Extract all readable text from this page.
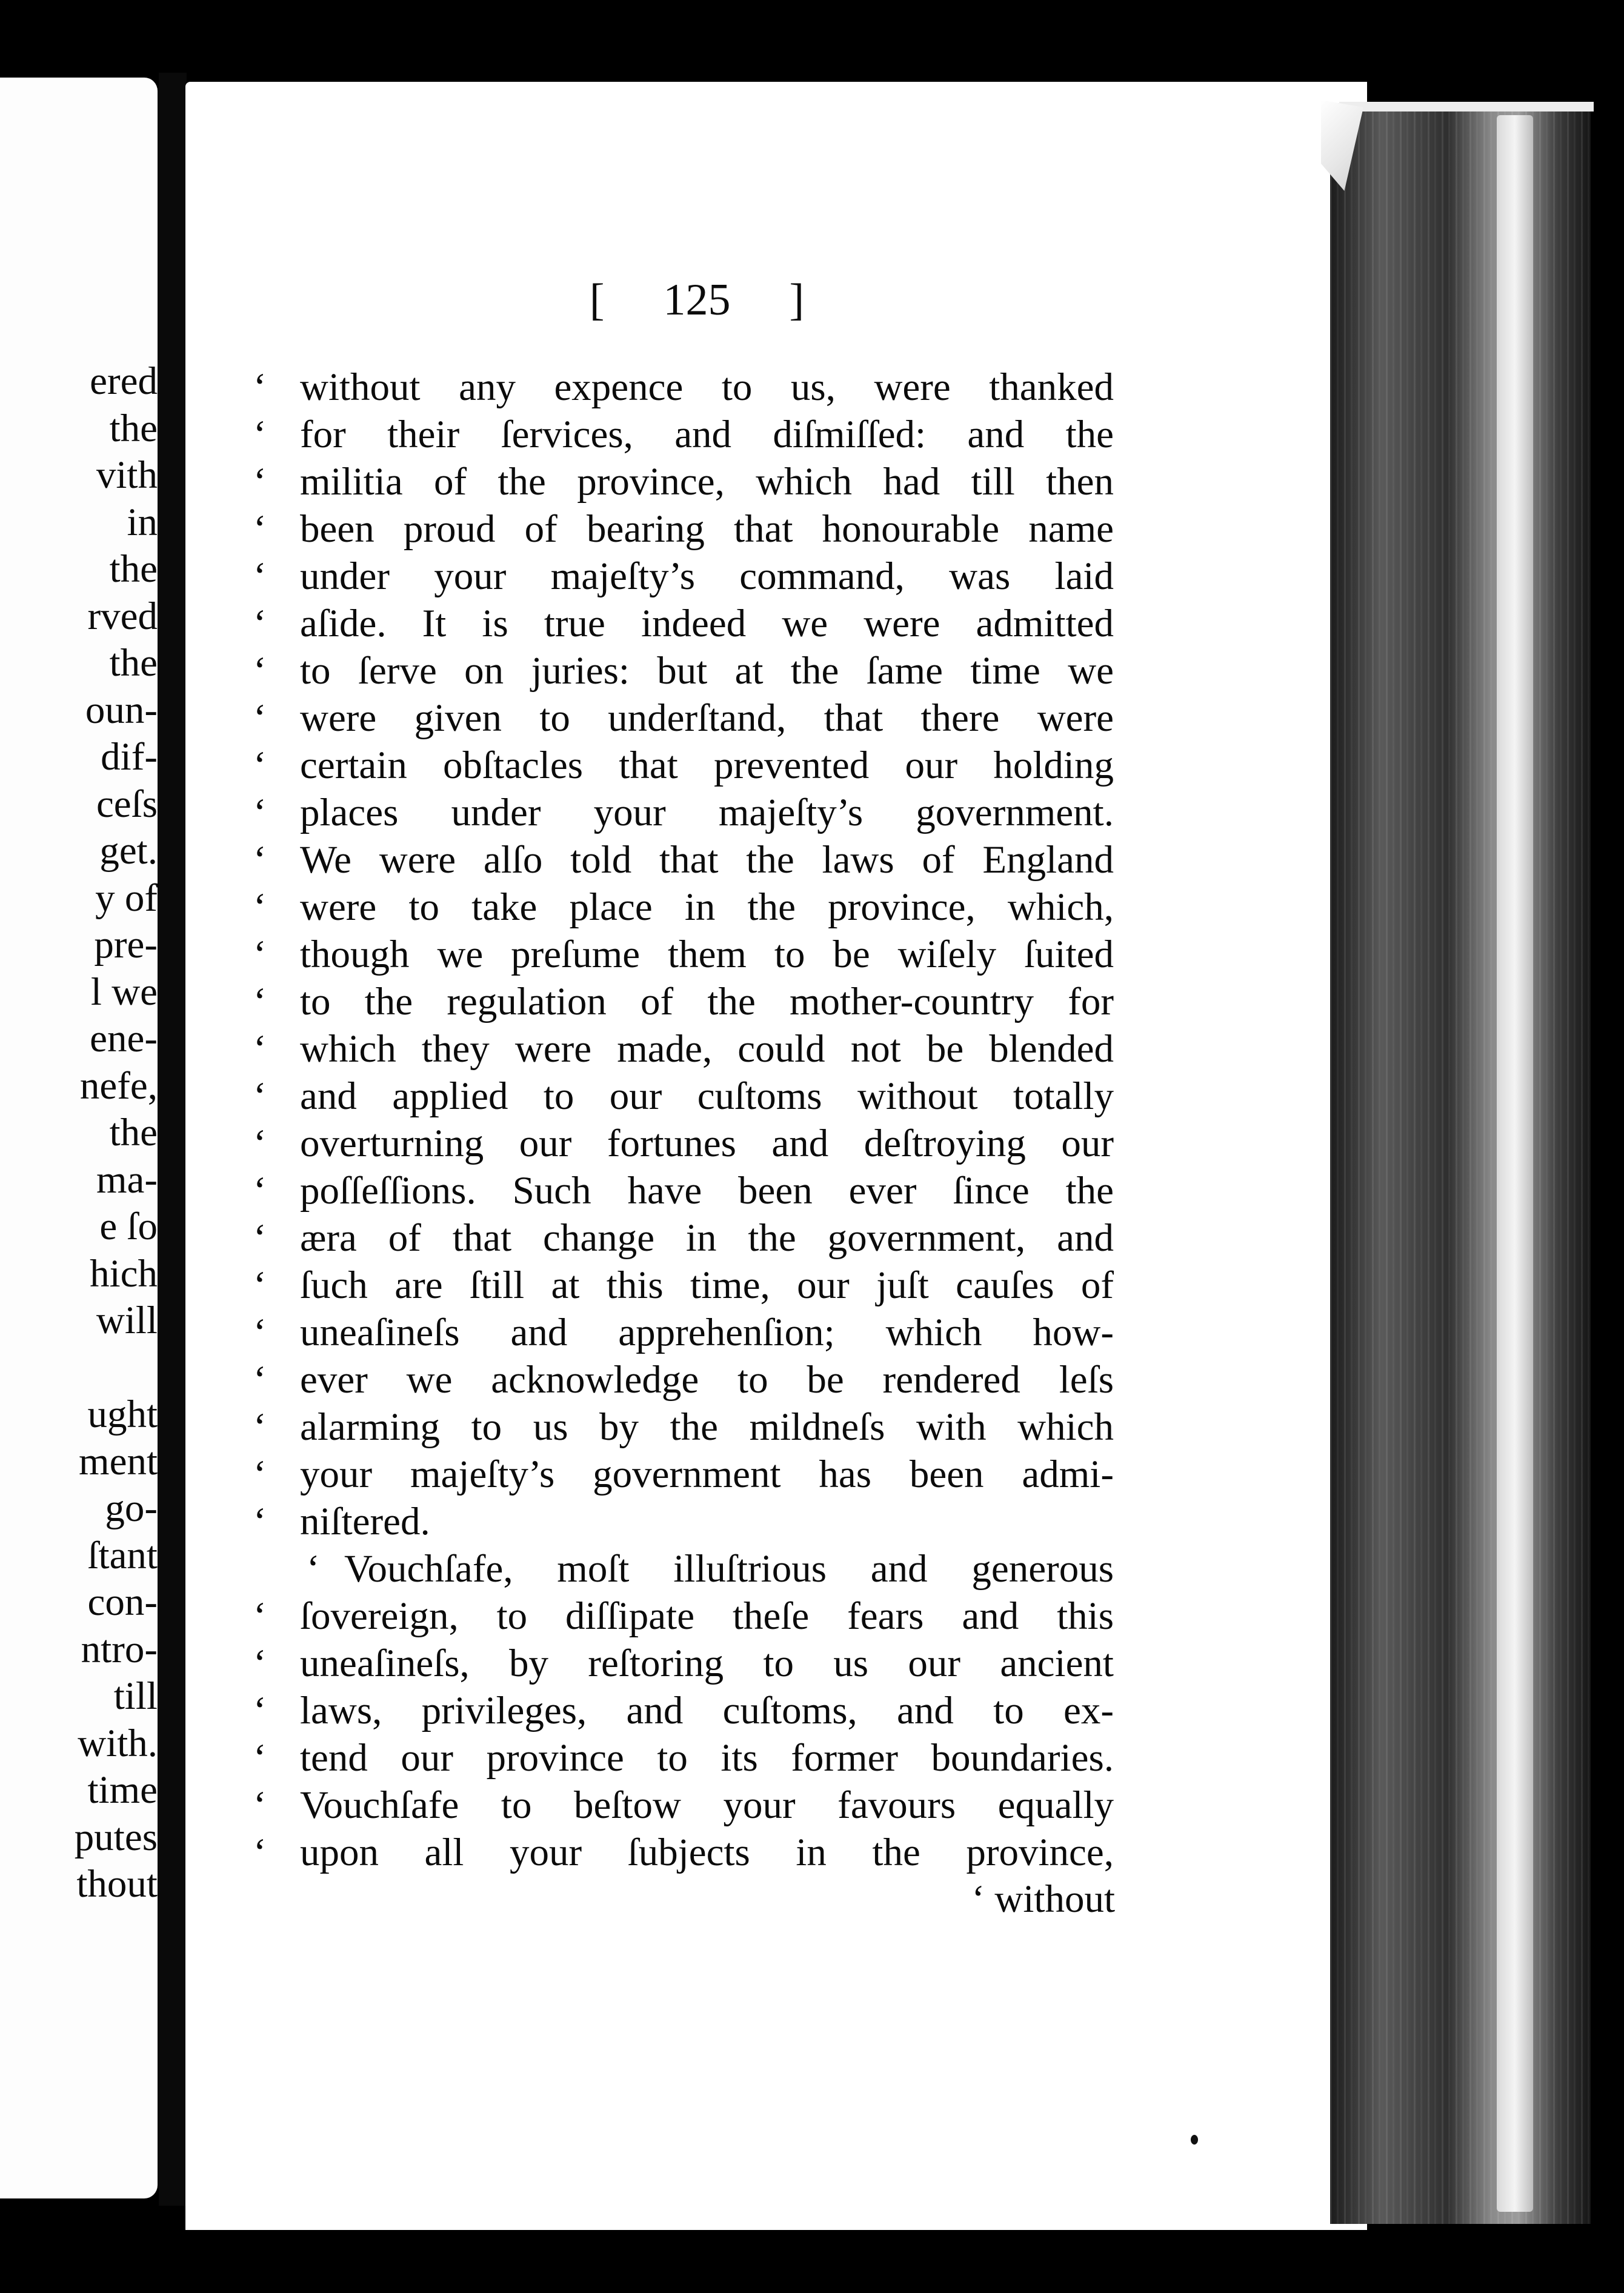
ered
the
vith
in
the
rved
the
oun-
dif-
ceſs
get.
y of
pre-
l we
ene-
nefe,
the
ma-
e ſo
hich
will
ught
ment
go-
ſtant
con-
ntro-
till
with.
time
putes
thout
[ 125 ]
‘ without any expence to us, were thanked
‘ for their ſervices, and diſmiſſed: and the
‘ militia of the province, which had till then
‘ been proud of bearing that honourable name
‘ under your majeſty’s command, was laid
‘ aſide. It is true indeed we were admitted
‘ to ſerve on juries: but at the ſame time we
‘ were given to underſtand, that there were
‘ certain obſtacles that prevented our holding
‘ places under your majeſty’s government.
‘ We were alſo told that the laws of England
‘ were to take place in the province, which,
‘ though we preſume them to be wiſely ſuited
‘ to the regulation of the mother-country for
‘ which they were made, could not be blended
‘ and applied to our cuſtoms without totally
‘ overturning our fortunes and deſtroying our
‘ poſſeſſions. Such have been ever ſince the
‘ æra of that change in the government, and
‘ ſuch are ſtill at this time, our juſt cauſes of
‘ uneaſineſs and apprehenſion; which how-
‘ ever we acknowledge to be rendered leſs
‘ alarming to us by the mildneſs with which
‘ your majeſty’s government has been admi-
‘ niſtered.
‘ Vouchſafe, moſt illuſtrious and generous
‘ ſovereign, to diſſipate theſe fears and this
‘ uneaſineſs, by reſtoring to us our ancient
‘ laws, privileges, and cuſtoms, and to ex-
‘ tend our province to its former boundaries.
‘ Vouchſafe to beſtow your favours equally
‘ upon all your ſubjects in the province,
‘ without
